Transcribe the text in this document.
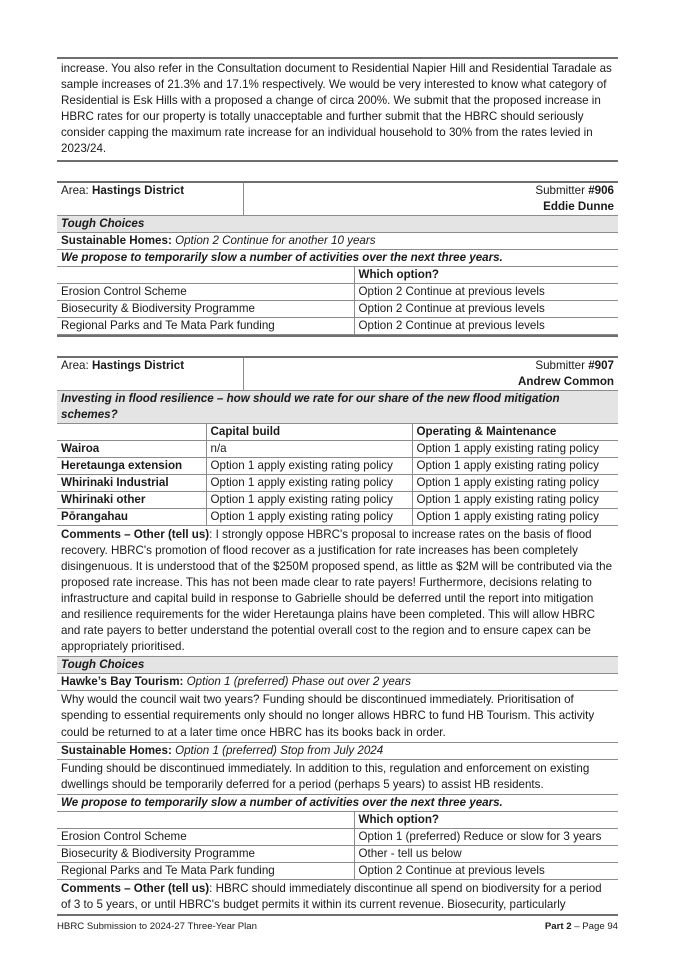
increase. You also refer in the Consultation document to Residential Napier Hill and Residential Taradale as sample increases of 21.3% and 17.1% respectively. We would be very interested to know what category of Residential is Esk Hills with a proposed a change of circa 200%. We submit that the proposed increase in HBRC rates for our property is totally unacceptable and further submit that the HBRC should seriously consider capping the maximum rate increase for an individual household to 30% from the rates levied in 2023/24.
Area: Hastings District	Submitter #906
Eddie Dunne
Tough Choices
Sustainable Homes: Option 2 Continue for another 10 years
We propose to temporarily slow a number of activities over the next three years.
	Which option?
Erosion Control Scheme	Option 2 Continue at previous levels
Biosecurity & Biodiversity Programme	Option 2 Continue at previous levels
Regional Parks and Te Mata Park funding	Option 2 Continue at previous levels
Area: Hastings District	Submitter #907
Andrew Common
Investing in flood resilience – how should we rate for our share of the new flood mitigation schemes?
	Capital build	Operating & Maintenance
Wairoa	n/a	Option 1 apply existing rating policy
Heretaunga extension	Option 1 apply existing rating policy	Option 1 apply existing rating policy
Whirinaki Industrial	Option 1 apply existing rating policy	Option 1 apply existing rating policy
Whirinaki other	Option 1 apply existing rating policy	Option 1 apply existing rating policy
Pōrangahau	Option 1 apply existing rating policy	Option 1 apply existing rating policy
Comments – Other (tell us): I strongly oppose HBRC's proposal to increase rates on the basis of flood recovery. HBRC's promotion of flood recover as a justification for rate increases has been completely disingenuous. It is understood that of the $250M proposed spend, as little as $2M will be contributed via the proposed rate increase. This has not been made clear to rate payers! Furthermore, decisions relating to infrastructure and capital build in response to Gabrielle should be deferred until the report into mitigation and resilience requirements for the wider Heretaunga plains have been completed. This will allow HBRC and rate payers to better understand the potential overall cost to the region and to ensure capex can be appropriately prioritised.
Tough Choices
Hawke’s Bay Tourism: Option 1 (preferred) Phase out over 2 years
Why would the council wait two years? Funding should be discontinued immediately. Prioritisation of spending to essential requirements only should no longer allows HBRC to fund HB Tourism. This activity could be returned to at a later time once HBRC has its books back in order.
Sustainable Homes: Option 1 (preferred) Stop from July 2024
Funding should be discontinued immediately. In addition to this, regulation and enforcement on existing dwellings should be temporarily deferred for a period (perhaps 5 years) to assist HB residents.
We propose to temporarily slow a number of activities over the next three years.
	Which option?
Erosion Control Scheme	Option 1 (preferred) Reduce or slow for 3 years
Biosecurity & Biodiversity Programme	Other - tell us below
Regional Parks and Te Mata Park funding	Option 2 Continue at previous levels
Comments – Other (tell us): HBRC should immediately discontinue all spend on biodiversity for a period of 3 to 5 years, or until HBRC's budget permits it within its current revenue. Biosecurity, particularly
HBRC Submission to 2024-27 Three-Year Plan	Part 2 – Page 94
